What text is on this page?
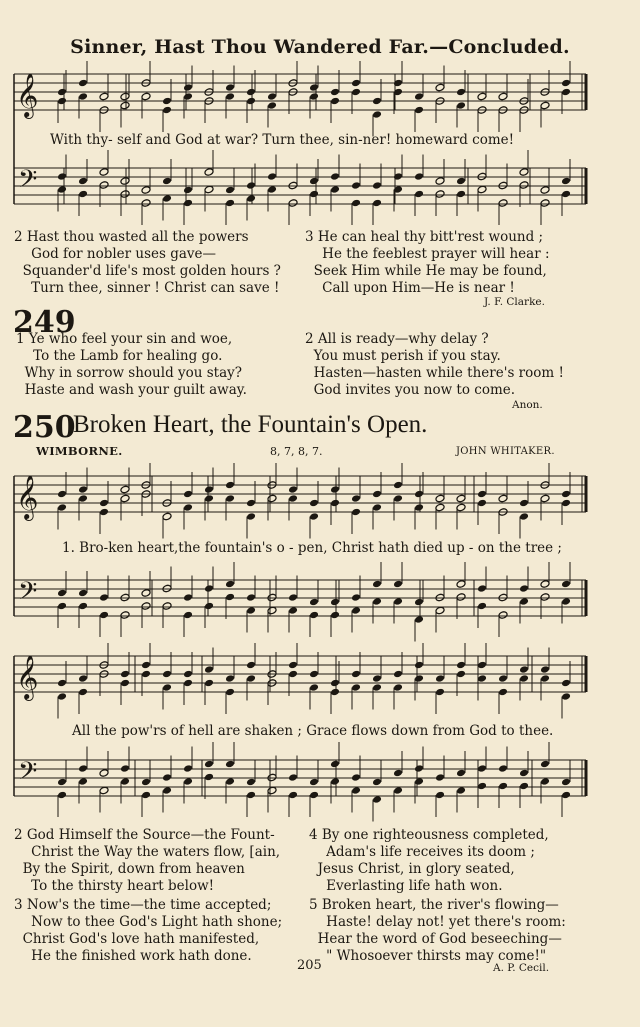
Sinner, Hast Thou Wandered Far.—Concluded.
𝄞
𝄢
𝄞
𝄢
𝄞
𝄢
With thy- self and God at war? Turn thee, sin-ner! homeward come!
2 Hast thou wasted all the powers
God for nobler uses gave—
Squander'd life's most golden hours ?
Turn thee, sinner ! Christ can save !
3 He can heal thy bitt'rest wound ;
He the feeblest prayer will hear :
Seek Him while He may be found,
Call upon Him—He is near !
J. F. Clarke.
249
1 Ye who feel your sin and woe,
To the Lamb for healing go.
Why in sorrow should you stay?
Haste and wash your guilt away.
2 All is ready—why delay ?
You must perish if you stay.
Hasten—hasten while there's room !
God invites you now to come.
Anon.
250
Broken Heart, the Fountain's Open.
WIMBORNE.	8, 7, 8, 7.	JOHN WHITAKER.
1. Bro-ken heart,the fountain's o - pen, Christ hath died up - on the tree ;
All the pow'rs of hell are shaken ; Grace flows down from God to thee.
2 God Himself the Source—the Fount-
Christ the Way the waters flow, [ain,
By the Spirit, down from heaven
To the thirsty heart below!
3 Now's the time—the time accepted;
Now to thee God's Light hath shone;
Christ God's love hath manifested,
He the finished work hath done.
4 By one righteousness completed,
Adam's life receives its doom ;
Jesus Christ, in glory seated,
Everlasting life hath won.
5 Broken heart, the river's flowing—
Haste! delay not! yet there's room:
Hear the word of God beseeching—
" Whosoever thirsts may come!"
A. P. Cecil.
205
